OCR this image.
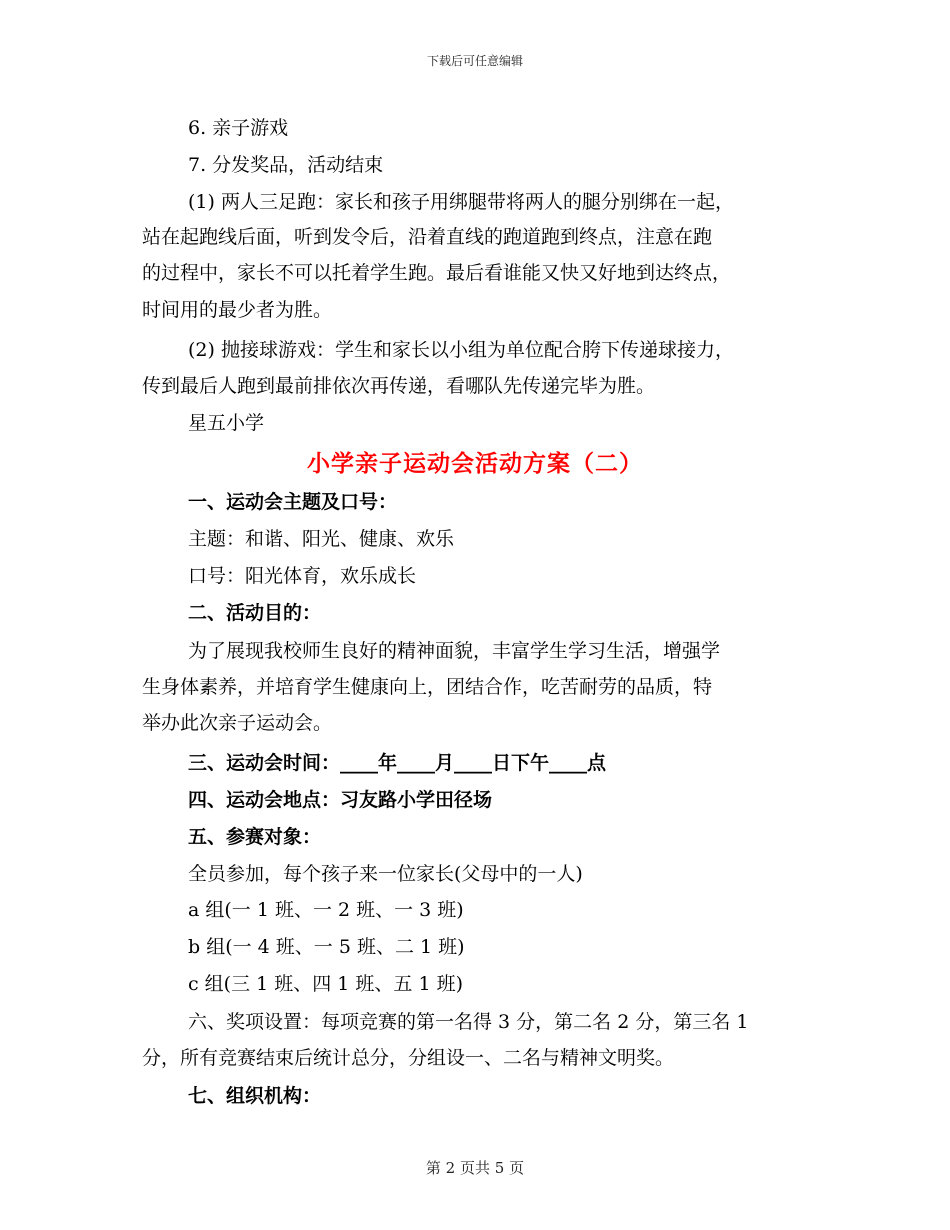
下载后可任意编辑
6. 亲子游戏
7. 分发奖品，活动结束
(1) 两人三足跑：家长和孩子用绑腿带将两人的腿分别绑在一起，
站在起跑线后面，听到发令后，沿着直线的跑道跑到终点，注意在跑
的过程中，家长不可以托着学生跑。最后看谁能又快又好地到达终点，
时间用的最少者为胜。
(2) 抛接球游戏：学生和家长以小组为单位配合胯下传递球接力，
传到最后人跑到最前排依次再传递，看哪队先传递完毕为胜。
星五小学
小学亲子运动会活动方案（二）
一、运动会主题及口号：
主题：和谐、阳光、健康、欢乐
口号：阳光体育，欢乐成长
二、活动目的：
为了展现我校师生良好的精神面貌，丰富学生学习生活，增强学
生身体素养，并培育学生健康向上，团结合作，吃苦耐劳的品质，特
举办此次亲子运动会。
三、运动会时间：____年____月____日下午____点
四、运动会地点：习友路小学田径场
五、参赛对象：
全员参加，每个孩子来一位家长(父母中的一人)
a 组(一 1 班、一 2 班、一 3 班)
b 组(一 4 班、一 5 班、二 1 班)
c 组(三 1 班、四 1 班、五 1 班)
六、奖项设置：每项竞赛的第一名得 3 分，第二名 2 分，第三名 1
分，所有竞赛结束后统计总分，分组设一、二名与精神文明奖。
七、组织机构：
第 2 页共 5 页
